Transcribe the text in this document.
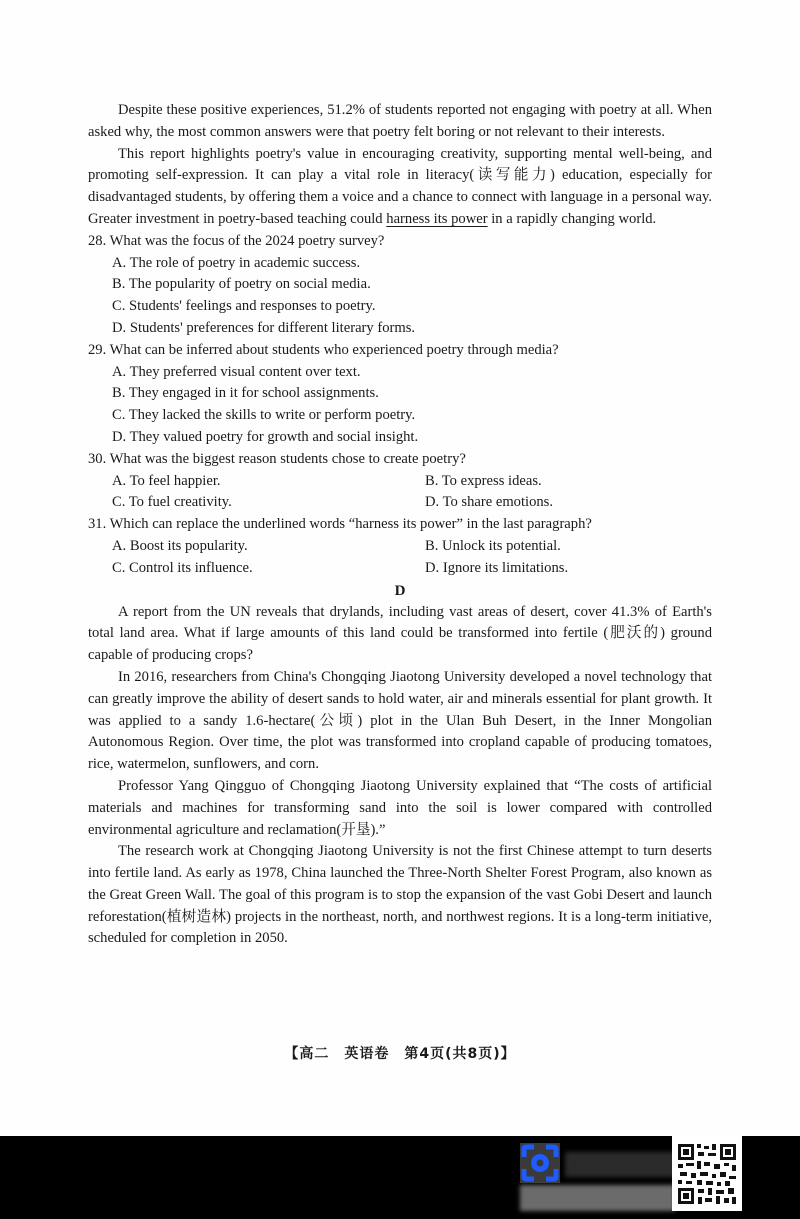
Despite these positive experiences, 51.2% of students reported not engaging with poetry at all. When asked why, the most common answers were that poetry felt boring or not relevant to their interests.

This report highlights poetry's value in encouraging creativity, supporting mental well-being, and promoting self-expression. It can play a vital role in literacy(读写能力) education, especially for disadvantaged students, by offering them a voice and a chance to connect with language in a personal way. Greater investment in poetry-based teaching could harness its power in a rapidly changing world.

28. What was the focus of the 2024 poetry survey?

A. The role of poetry in academic success.

B. The popularity of poetry on social media.

C. Students' feelings and responses to poetry.

D. Students' preferences for different literary forms.

29. What can be inferred about students who experienced poetry through media?

A. They preferred visual content over text.

B. They engaged in it for school assignments.

C. They lacked the skills to write or perform poetry.

D. They valued poetry for growth and social insight.

30. What was the biggest reason students chose to create poetry?

A. To feel happier.	B. To express ideas.
C. To fuel creativity.	D. To share emotions.

31. Which can replace the underlined words “harness its power” in the last paragraph?

A. Boost its popularity.	B. Unlock its potential.
C. Control its influence.	D. Ignore its limitations.

D

A report from the UN reveals that drylands, including vast areas of desert, cover 41.3% of Earth's total land area. What if large amounts of this land could be transformed into fertile (肥沃的) ground capable of producing crops?

In 2016, researchers from China's Chongqing Jiaotong University developed a novel technology that can greatly improve the ability of desert sands to hold water, air and minerals essential for plant growth. It was applied to a sandy 1.6-hectare(公顷) plot in the Ulan Buh Desert, in the Inner Mongolian Autonomous Region. Over time, the plot was transformed into cropland capable of producing tomatoes, rice, watermelon, sunflowers, and corn.

Professor Yang Qingguo of Chongqing Jiaotong University explained that “The costs of artificial materials and machines for transforming sand into the soil is lower compared with controlled environmental agriculture and reclamation(开垦).”

The research work at Chongqing Jiaotong University is not the first Chinese attempt to turn deserts into fertile land. As early as 1978, China launched the Three-North Shelter Forest Program, also known as the Great Green Wall. The goal of this program is to stop the expansion of the vast Gobi Desert and launch reforestation(植树造林) projects in the northeast, north, and northwest regions. It is a long-term initiative, scheduled for completion in 2050.

【高二　英语卷　第4页(共8页)】
